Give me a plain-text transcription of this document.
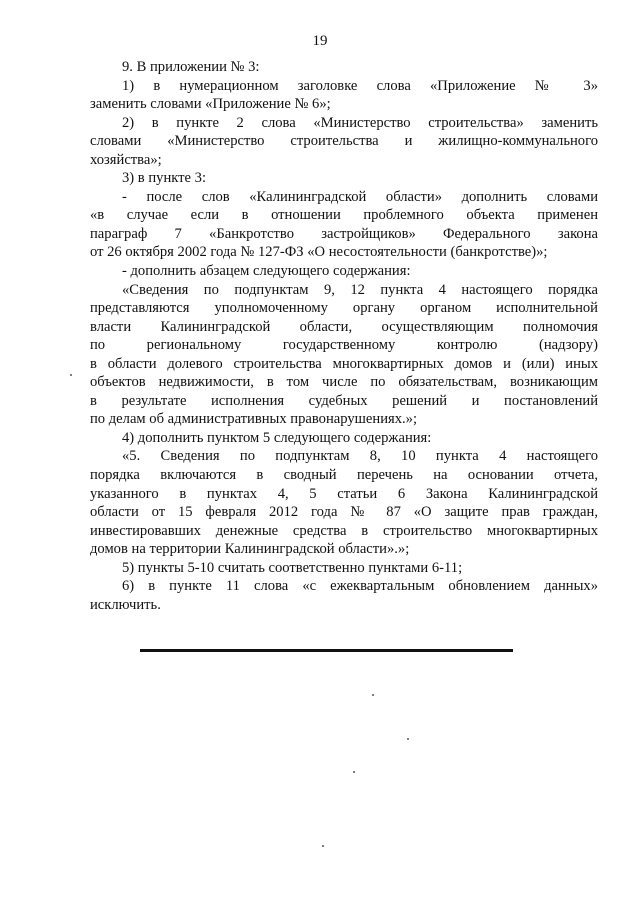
19
9. В приложении № 3:
1) в нумерационном заголовке слова «Приложение № 3»
заменить словами «Приложение № 6»;
2) в пункте 2 слова «Министерство строительства» заменить
словами «Министерство строительства и жилищно-коммунального
хозяйства»;
3) в пункте 3:
- после слов «Калининградской области» дополнить словами
«в случае если в отношении проблемного объекта применен
параграф 7 «Банкротство застройщиков» Федерального закона
от 26 октября 2002 года № 127-ФЗ «О несостоятельности (банкротстве)»;
- дополнить абзацем следующего содержания:
«Сведения по подпунктам 9, 12 пункта 4 настоящего порядка
представляются уполномоченному органу органом исполнительной
власти Калининградской области, осуществляющим полномочия
по региональному государственному контролю (надзору)
в области долевого строительства многоквартирных домов и (или) иных
объектов недвижимости, в том числе по обязательствам, возникающим
в результате исполнения судебных решений и постановлений
по делам об административных правонарушениях.»;
4) дополнить пунктом 5 следующего содержания:
«5. Сведения по подпунктам 8, 10 пункта 4 настоящего
порядка включаются в сводный перечень на основании отчета,
указанного в пунктах 4, 5 статьи 6 Закона Калининградской
области от 15 февраля 2012 года № 87 «О защите прав граждан,
инвестировавших денежные средства в строительство многоквартирных
домов на территории Калининградской области».»;
5) пункты 5-10 считать соответственно пунктами 6-11;
6) в пункте 11 слова «с ежеквартальным обновлением данных»
исключить.
